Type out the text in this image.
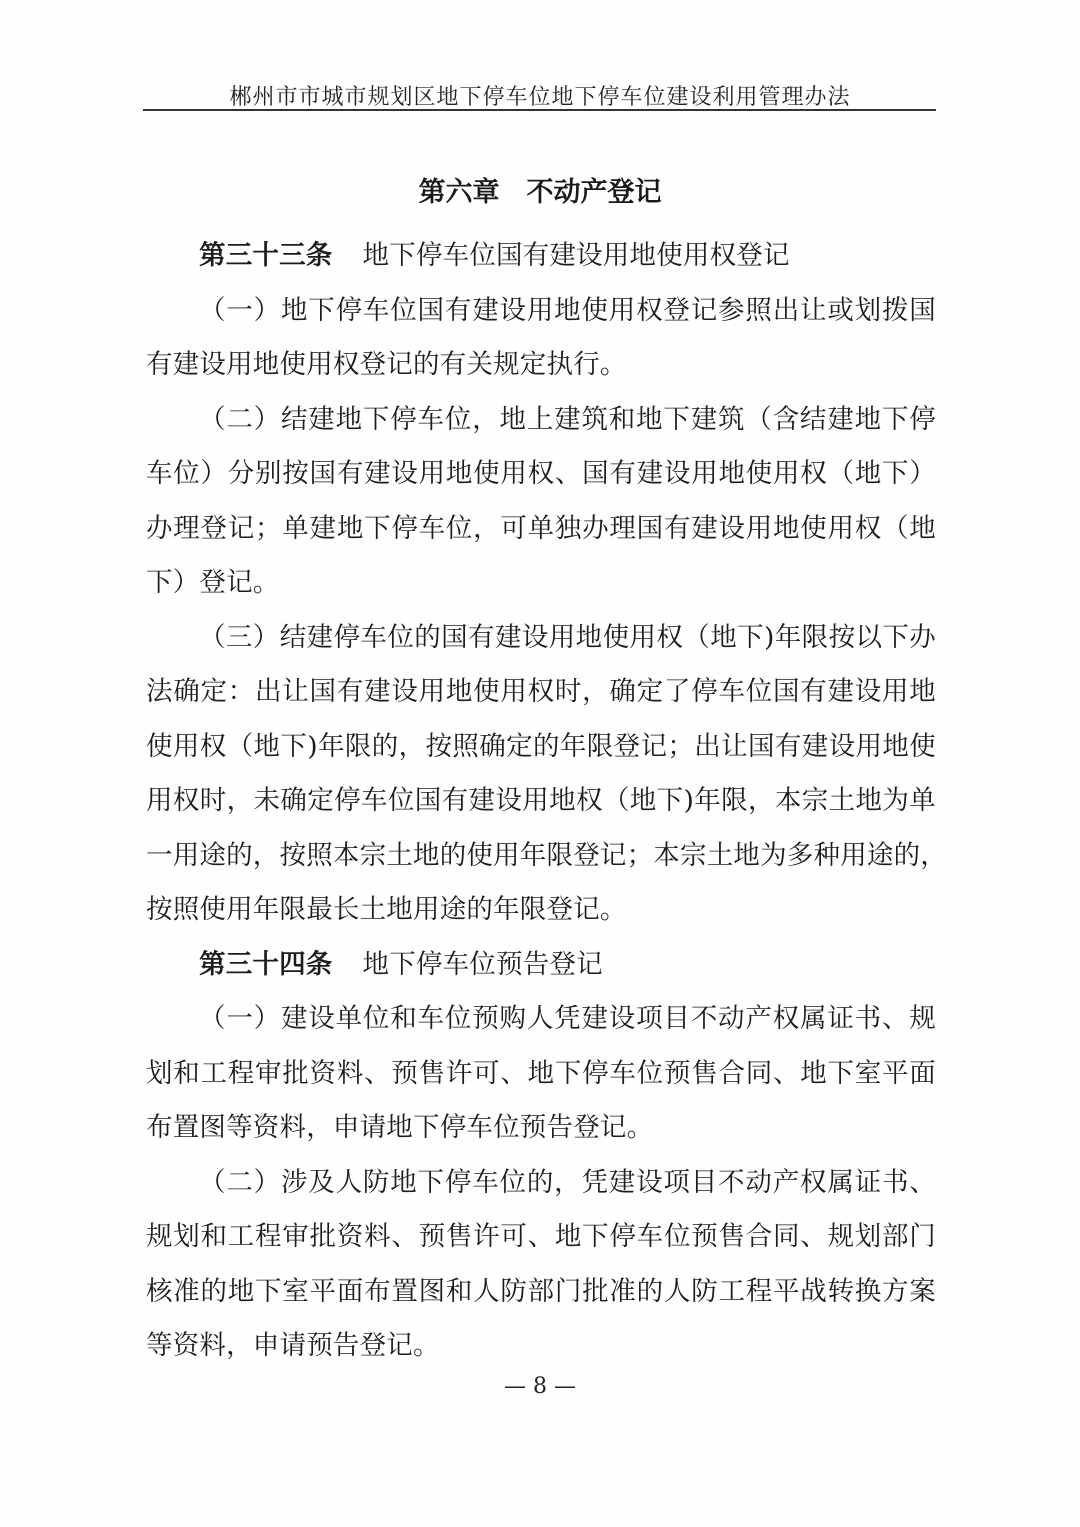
郴州市市城市规划区地下停车位地下停车位建设利用管理办法
第六章　不动产登记
第三十三条 地下停车位国有建设用地使用权登记
（一）地下停车位国有建设用地使用权登记参照出让或划拨国
有建设用地使用权登记的有关规定执行。
（二）结建地下停车位，地上建筑和地下建筑（含结建地下停
车位）分别按国有建设用地使用权、国有建设用地使用权（地下）
办理登记；单建地下停车位，可单独办理国有建设用地使用权（地
下）登记。
（三）结建停车位的国有建设用地使用权（地下)年限按以下办
法确定：出让国有建设用地使用权时，确定了停车位国有建设用地
使用权（地下)年限的，按照确定的年限登记；出让国有建设用地使
用权时，未确定停车位国有建设用地权（地下)年限，本宗土地为单
一用途的，按照本宗土地的使用年限登记；本宗土地为多种用途的，
按照使用年限最长土地用途的年限登记。
第三十四条 地下停车位预告登记
（一）建设单位和车位预购人凭建设项目不动产权属证书、规
划和工程审批资料、预售许可、地下停车位预售合同、地下室平面
布置图等资料，申请地下停车位预告登记。
（二）涉及人防地下停车位的，凭建设项目不动产权属证书、
规划和工程审批资料、预售许可、地下停车位预售合同、规划部门
核准的地下室平面布置图和人防部门批准的人防工程平战转换方案
等资料，申请预告登记。
— 8 —
